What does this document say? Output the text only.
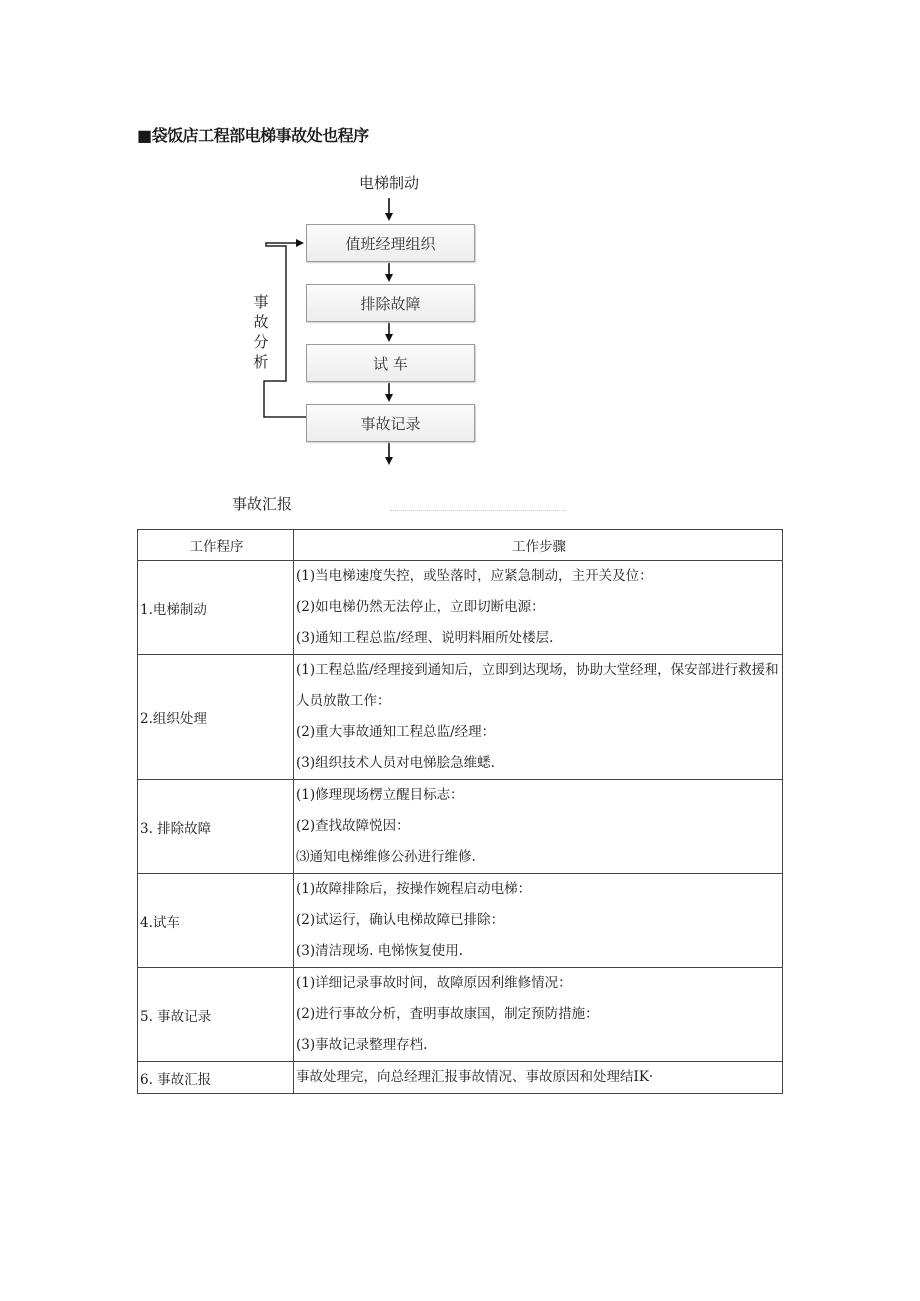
■袋饭店工程部电梯事故处也程序
电梯制动
值班经理组织
排除故障
试 车
事故记录
事
故
分
析
事故汇报
工作程序	工作步骤
1.电梯制动	(1)当电梯速度失控，或坠落时，应紧急制动，主开关及位：
(2)如电梯仍然无法停止，立即切断电源：
(3)通知工程总监/经理、说明料厢所处楼层.

2.组织处理	(1)工程总监/经理接到通知后，立即到达现场，协助大堂经理，保安部进行救援和人员放散工作：
(2)重大事故通知工程总监/经理：
(3)组织技术人员对电悌脍急维蟋.

3. 排除故障	(1)修理现场楞立醒目标志：
(2)查找故障悦因：
⑶通知电梯维修公孙进行维修.

4.试车	(1)故障排除后，按操作婉程启动电梯：
(2)试运行，确认电梯故障已排除：
(3)清洁现场. 电悌恢复使用.

5. 事故记录	(1)详细记录事故时间，故障原因利维修情况：
(2)进行事故分析，査明事故康国，制定预防措施：
(3)事故记录整理存档.

6. 事故汇报	事故处理完，向总经理汇报事故情况、事故原因和处理结IK·
